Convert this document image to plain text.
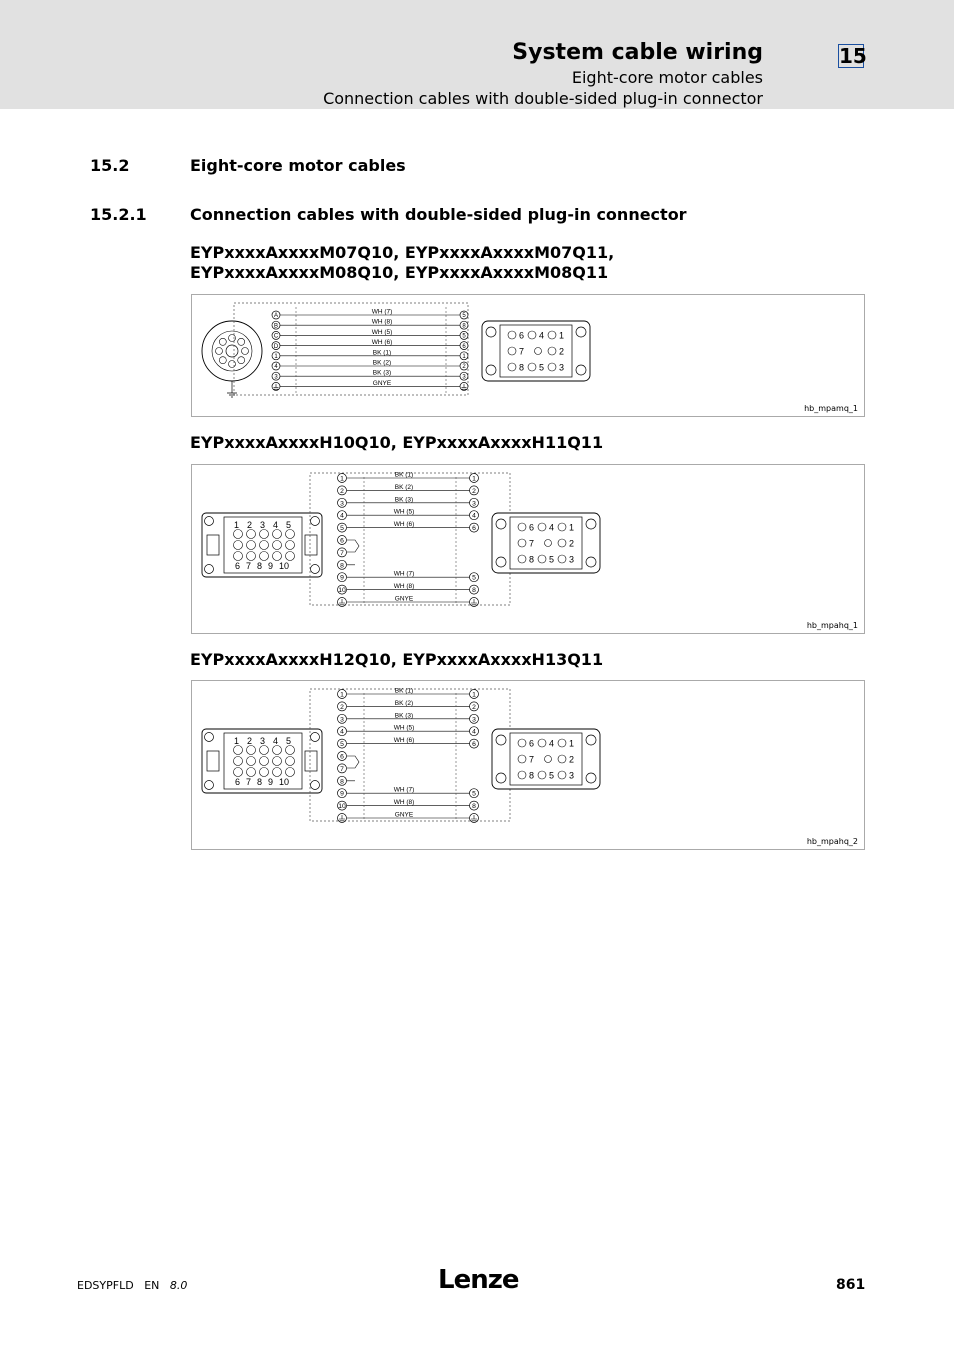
System cable wiring
Eight-core motor cables
Connection cables with double-sided plug-in connector
15
15.2	Eight-core motor cables
15.2.1	Connection cables with double-sided plug-in connector
EYPxxxxAxxxxM07Q10, EYPxxxxAxxxxM07Q11,
EYPxxxxAxxxxM08Q10, EYPxxxxAxxxxM08Q11
A
WH (7)
5
B
WH (8)
8
C
WH (5)
5
D
WH (6)
6
1
BK (1)
1
4
BK (2)
2
3
BK (3)
3
GNYE
6 4 1
7	2
8 5 3
hb_mpamq_1
EYPxxxxAxxxxH10Q10, EYPxxxxAxxxxH11Q11
1 2 3 4 5
6 7 8 9 10
1
2
3
4
5
6
7
8
9
10
BK (1)
1
BK (2)
2
BK (3)
3
WH (5)
4
WH (6)
6
WH (7)
5
WH (8)
8
GNYE
6 4 1
7	2
8 5 3
hb_mpahq_1
EYPxxxxAxxxxH12Q10, EYPxxxxAxxxxH13Q11
1 2 3 4 5
6 7 8 9 10
1
2
3
4
5
6
7
8
9
10
BK (1)
1
BK (2)
2
BK (3)
3
WH (5)
4
WH (6)
6
WH (7)
5
WH (8)
8
GNYE
6 4 1
7	2
8 5 3
hb_mpahq_2
EDSYPFLD EN 8.0	Lenze	861
